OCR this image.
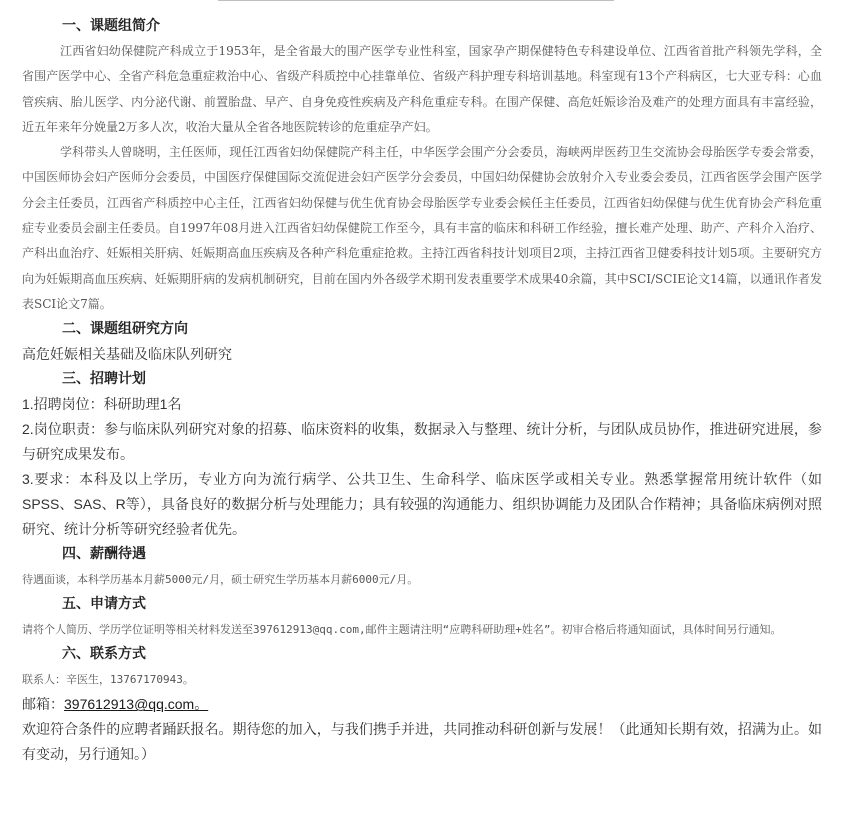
一、课题组简介

江西省妇幼保健院产科成立于1953年，是全省最大的围产医学专业性科室，国家孕产期保健特色专科建设单位、江西省首批产科领先学科，全省围产医学中心、全省产科危急重症救治中心、省级产科质控中心挂靠单位、省级产科护理专科培训基地。科室现有13个产科病区，七大亚专科：心血管疾病、胎儿医学、内分泌代谢、前置胎盘、早产、自身免疫性疾病及产科危重症专科。在围产保健、高危妊娠诊治及难产的处理方面具有丰富经验，近五年来年分娩量2万多人次，收治大量从全省各地医院转诊的危重症孕产妇。

学科带头人曾晓明，主任医师，现任江西省妇幼保健院产科主任，中华医学会围产分会委员，海峡两岸医药卫生交流协会母胎医学专委会常委，中国医师协会妇产医师分会委员，中国医疗保健国际交流促进会妇产医学分会委员，中国妇幼保健协会放射介入专业委会委员，江西省医学会围产医学分会主任委员，江西省产科质控中心主任，江西省妇幼保健与优生优育协会母胎医学专业委会候任主任委员，江西省妇幼保健与优生优育协会产科危重症专业委员会副主任委员。自1997年08月进入江西省妇幼保健院工作至今，具有丰富的临床和科研工作经验，擅长难产处理、助产、产科介入治疗、产科出血治疗、妊娠相关肝病、妊娠期高血压疾病及各种产科危重症抢救。主持江西省科技计划项目2项，主持江西省卫健委科技计划5项。主要研究方向为妊娠期高血压疾病、妊娠期肝病的发病机制研究，目前在国内外各级学术期刊发表重要学术成果40余篇，其中SCI/SCIE论文14篇，以通讯作者发表SCI论文7篇。

二、课题组研究方向

高危妊娠相关基础及临床队列研究

三、招聘计划

1.招聘岗位：科研助理1名

2.岗位职责：参与临床队列研究对象的招募、临床资料的收集，数据录入与整理、统计分析，与团队成员协作，推进研究进展，参与研究成果发布。

3.要求：本科及以上学历，专业方向为流行病学、公共卫生、生命科学、临床医学或相关专业。熟悉掌握常用统计软件（如SPSS、SAS、R等），具备良好的数据分析与处理能力；具有较强的沟通能力、组织协调能力及团队合作精神；具备临床病例对照研究、统计分析等研究经验者优先。

四、薪酬待遇

待遇面谈，本科学历基本月薪5000元/月，硕士研究生学历基本月薪6000元/月。

五、申请方式

请将个人简历、学历学位证明等相关材料发送至397612913@qq.com,邮件主题请注明“应聘科研助理+姓名”。初审合格后将通知面试，具体时间另行通知。

六、联系方式

联系人：辛医生，13767170943。

邮箱：397612913@qq.com。

欢迎符合条件的应聘者踊跃报名。期待您的加入，与我们携手并进，共同推动科研创新与发展！（此通知长期有效，招满为止。如有变动，另行通知。）
